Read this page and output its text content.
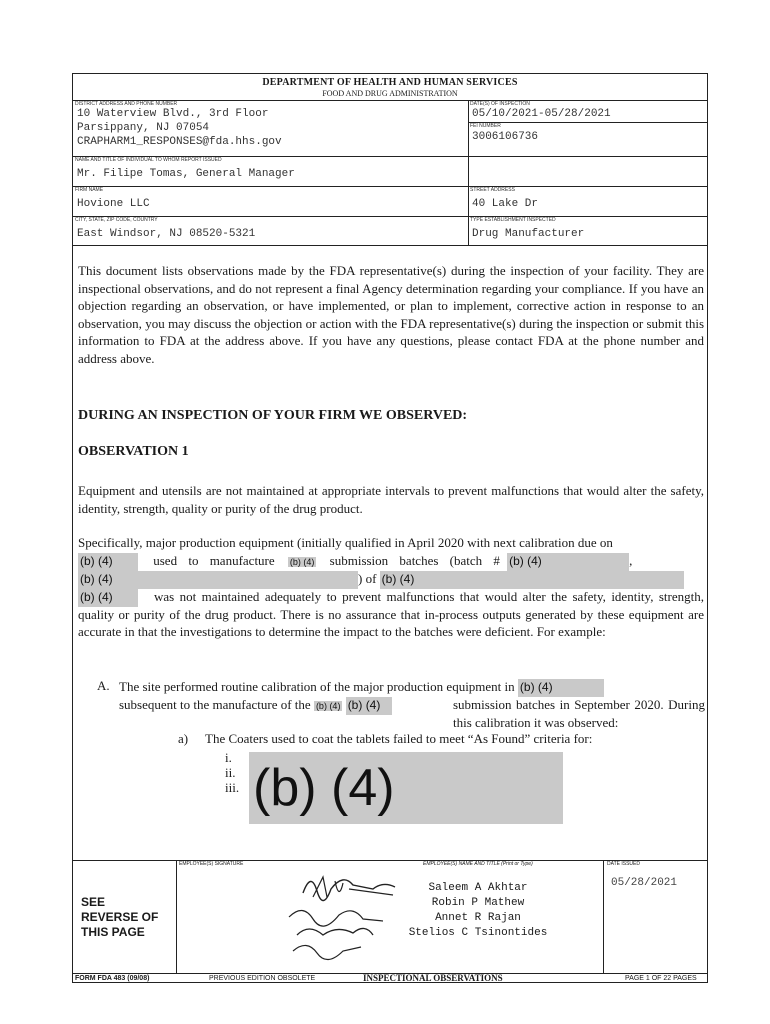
DEPARTMENT OF HEALTH AND HUMAN SERVICES
FOOD AND DRUG ADMINISTRATION
DISTRICT ADDRESS AND PHONE NUMBER
10 Waterview Blvd., 3rd Floor
Parsippany, NJ 07054
CRAPHARM1_RESPONSES@fda.hhs.gov
DATE(S) OF INSPECTION
05/10/2021-05/28/2021
FEI NUMBER
3006106736
NAME AND TITLE OF INDIVIDUAL TO WHOM REPORT ISSUED
Mr. Filipe Tomas, General Manager
FIRM NAME
Hovione LLC
STREET ADDRESS
40 Lake Dr
CITY, STATE, ZIP CODE, COUNTRY
East Windsor, NJ 08520-5321
TYPE ESTABLISHMENT INSPECTED
Drug Manufacturer
This document lists observations made by the FDA representative(s) during the inspection of your facility. They are inspectional observations, and do not represent a final Agency determination regarding your compliance. If you have an objection regarding an observation, or have implemented, or plan to implement, corrective action in response to an observation, you may discuss the objection or action with the FDA representative(s) during the inspection or submit this information to FDA at the address above. If you have any questions, please contact FDA at the phone number and address above.
DURING AN INSPECTION OF YOUR FIRM WE OBSERVED:
OBSERVATION 1
Equipment and utensils are not maintained at appropriate intervals to prevent malfunctions that would alter the safety, identity, strength, quality or purity of the drug product.
Specifically, major production equipment (initially qualified in April 2020 with next calibration due on
(b) (4)	used to manufacture (b) (4) submission batches (batch # (b) (4)	,
(b) (4)	) of (b) (4)
(b) (4)	was not maintained adequately to prevent malfunctions that would alter the safety, identity, strength, quality or purity of the drug product. There is no assurance that in-process outputs generated by these equipment are accurate in that the investigations to determine the impact to the batches were deficient. For example:
A. The site performed routine calibration of the major production equipment in (b) (4)
subsequent to the manufacture of the (b) (4) (b) (4)	submission batches in September 2020. During this calibration it was observed:
a) The Coaters used to coat the tablets failed to meet “As Found” criteria for:
i.
ii.
iii. (b) (4)
EMPLOYEE(S) SIGNATURE	EMPLOYEE(S) NAME AND TITLE (Print or Type)	DATE ISSUED
SEE
REVERSE OF
THIS PAGE
Saleem A Akhtar
Robin P Mathew
Annet R Rajan
Stelios C Tsinontides
05/28/2021
FORM FDA 483 (09/08)	PREVIOUS EDITION OBSOLETE	INSPECTIONAL OBSERVATIONS	PAGE 1 OF 22 PAGES
